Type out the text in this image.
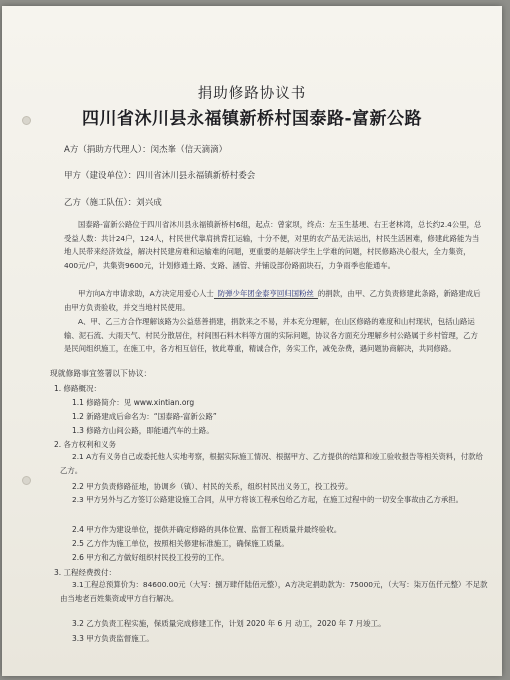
捐助修路协议书
四川省沐川县永福镇新桥村国泰路-富新公路
A方（捐助方代理人）：闵杰峯（信天滴滴）
甲方（建设单位）：四川省沐川县永福镇新桥村委会
乙方（施工队伍）：刘兴成
国泰路-富新公路位于四川省沐川县永福镇新桥村6组，起点：曾家坝，终点：左玉生基埂、右王老林湾，总长约2.4公里，总受益人数：共计24户，124人，村民世代靠肩挑背扛运输，十分不便，对里的农产品无法运出，村民生活困难，修建此路能为当地人民带来经济效益，解决村民建房难和运输难的问题，更重要的是解决学生上学难的问题，村民修路决心很大，全力集资，400元/户，共集资9600元，计划修通土路、支路、涵管、并铺设部份路面块石，力争雨季也能通车。
甲方向A方申请求助，A方决定用爱心人士 防弹少年团金泰亨回归国粉丝 的捐款，由甲、乙方负责修建此条路，新路建成后由甲方负责验收，并交当地村民使用。
A、甲、乙三方合作理解该路为公益慈善捐建，捐款来之不易，并本充分理解，在山区修路的难度和山村现状，包括山路运输、泥石流、大雨天气、村民分散居住，村间围石料木料等方面的实际问题，协议各方面充分理解乡村公路属于乡村管理，乙方是民间组织施工，在施工中，各方相互信任，彼此尊重，精诚合作，务实工作，减免杂费，遇问题协商解决，共同修路。
现就修路事宜签署以下协议：
1. 修路概况：
1.1 修路简介：见 www.xintian.org
1.2 新路建成后命名为：“国泰路-富新公路”
1.3 修路方山间公路，即能通汽车的土路。
2. 各方权利和义务
2.1 A方有义务自己或委托他人实地考察，根据实际施工情况、根据甲方、乙方提供的结算和竣工验收报告等相关资料，付款给乙方。
2.2 甲方负责修路征地，协调乡（镇）、村民的关系，组织村民出义务工，投工投劳。
2.3 甲方另外与乙方签订公路建设施工合同，从甲方将该工程承包给乙方起，在施工过程中的一切安全事故由乙方承担。
2.4 甲方作为建设单位，提供并确定修路的具体位置、监督工程质量并最终验收。
2.5 乙方作为施工单位，按照相关修建标准施工，确保施工质量。
2.6 甲方和乙方做好组织村民投工投劳的工作。
3. 工程经费拨付：
3.1工程总预算价为：84600.00元（大写：捌万肆仟陆佰元整），A方决定捐助款为：75000元，（大写：柒万伍仟元整）不足款由当地老百姓集资或甲方自行解决。
3.2 乙方负责工程实施，保质量完成修建工作，计划 2020 年 6 月 动工，2020 年 7 月竣工。
3.3 甲方负责监督施工。
